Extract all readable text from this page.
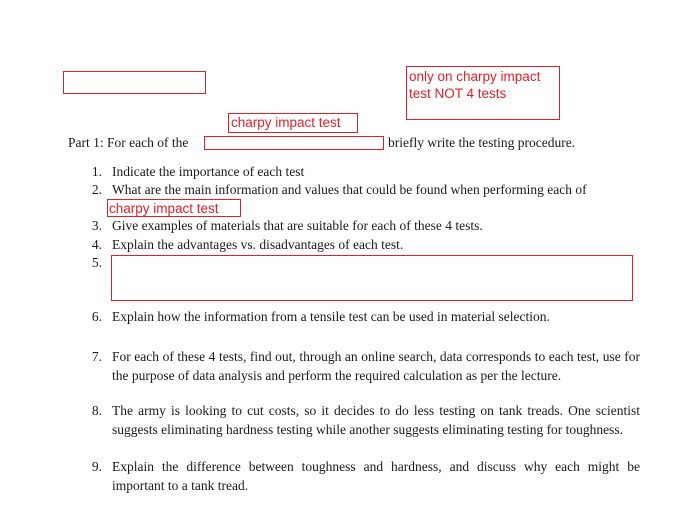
only on charpy impact
test NOT 4 tests
charpy impact test
Part 1: For each of the	briefly write the testing procedure.
1. Indicate the importance of each test
2. What are the main information and values that could be found when performing each of
charpy impact test
3. Give examples of materials that are suitable for each of these 4 tests.
4. Explain the advantages vs. disadvantages of each test.
5.
6. Explain how the information from a tensile test can be used in material selection.
7. For each of these 4 tests, find out, through an online search, data corresponds to each test, use for the purpose of data analysis and perform the required calculation as per the lecture.
8. The army is looking to cut costs, so it decides to do less testing on tank treads. One scientist suggests eliminating hardness testing while another suggests eliminating testing for toughness.
9. Explain the difference between toughness and hardness, and discuss why each might be important to a tank tread.
